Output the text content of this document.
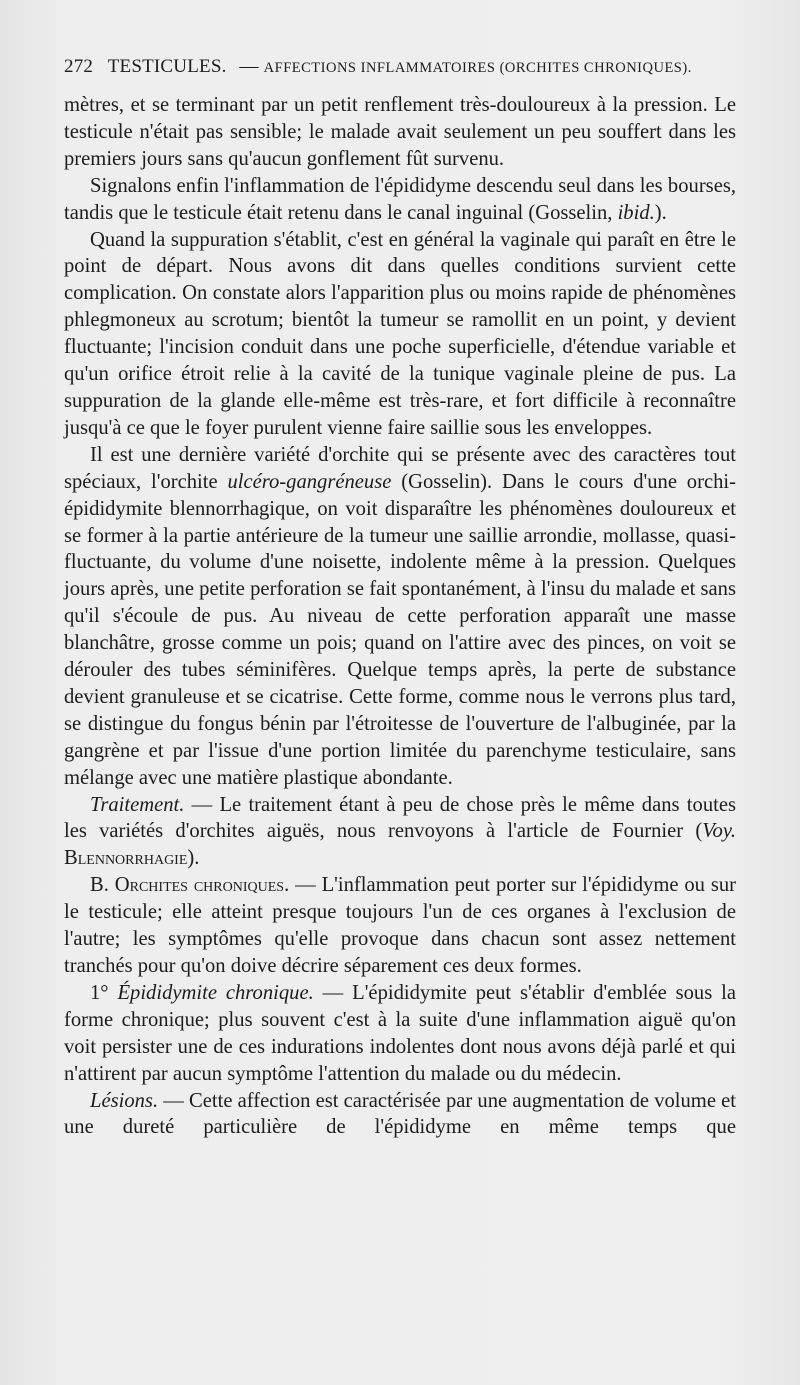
272 TESTICULES. — AFFECTIONS INFLAMMATOIRES (ORCHITES CHRONIQUES).

mètres, et se terminant par un petit renflement très-douloureux à la pression. Le testicule n'était pas sensible; le malade avait seulement un peu souffert dans les premiers jours sans qu'aucun gonflement fût survenu.

Signalons enfin l'inflammation de l'épididyme descendu seul dans les bourses, tandis que le testicule était retenu dans le canal inguinal (Gosselin, ibid.).

Quand la suppuration s'établit, c'est en général la vaginale qui paraît en être le point de départ. Nous avons dit dans quelles conditions survient cette complication. On constate alors l'apparition plus ou moins rapide de phénomènes phlegmoneux au scrotum; bientôt la tumeur se ramollit en un point, y devient fluctuante; l'incision conduit dans une poche superficielle, d'étendue variable et qu'un orifice étroit relie à la cavité de la tunique vaginale pleine de pus. La suppuration de la glande elle-même est très-rare, et fort difficile à reconnaître jusqu'à ce que le foyer purulent vienne faire saillie sous les enveloppes.

Il est une dernière variété d'orchite qui se présente avec des caractères tout spéciaux, l'orchite ulcéro-gangréneuse (Gosselin). Dans le cours d'une orchi-épididymite blennorrhagique, on voit disparaître les phénomènes douloureux et se former à la partie antérieure de la tumeur une saillie arrondie, mollasse, quasi-fluctuante, du volume d'une noisette, indolente même à la pression. Quelques jours après, une petite perforation se fait spontanément, à l'insu du malade et sans qu'il s'écoule de pus. Au niveau de cette perforation apparaît une masse blanchâtre, grosse comme un pois; quand on l'attire avec des pinces, on voit se dérouler des tubes séminifères. Quelque temps après, la perte de substance devient granuleuse et se cicatrise. Cette forme, comme nous le verrons plus tard, se distingue du fongus bénin par l'étroitesse de l'ouverture de l'albuginée, par la gangrène et par l'issue d'une portion limitée du parenchyme testiculaire, sans mélange avec une matière plastique abondante.

Traitement. — Le traitement étant à peu de chose près le même dans toutes les variétés d'orchites aiguës, nous renvoyons à l'article de Fournier (Voy. Blennorrhagie).

B. Orchites chroniques. — L'inflammation peut porter sur l'épididyme ou sur le testicule; elle atteint presque toujours l'un de ces organes à l'exclusion de l'autre; les symptômes qu'elle provoque dans chacun sont assez nettement tranchés pour qu'on doive décrire séparement ces deux formes.

1° Épididymite chronique. — L'épididymite peut s'établir d'emblée sous la forme chronique; plus souvent c'est à la suite d'une inflammation aiguë qu'on voit persister une de ces indurations indolentes dont nous avons déjà parlé et qui n'attirent par aucun symptôme l'attention du malade ou du médecin.

Lésions. — Cette affection est caractérisée par une augmentation de volume et une dureté particulière de l'épididyme en même temps que
